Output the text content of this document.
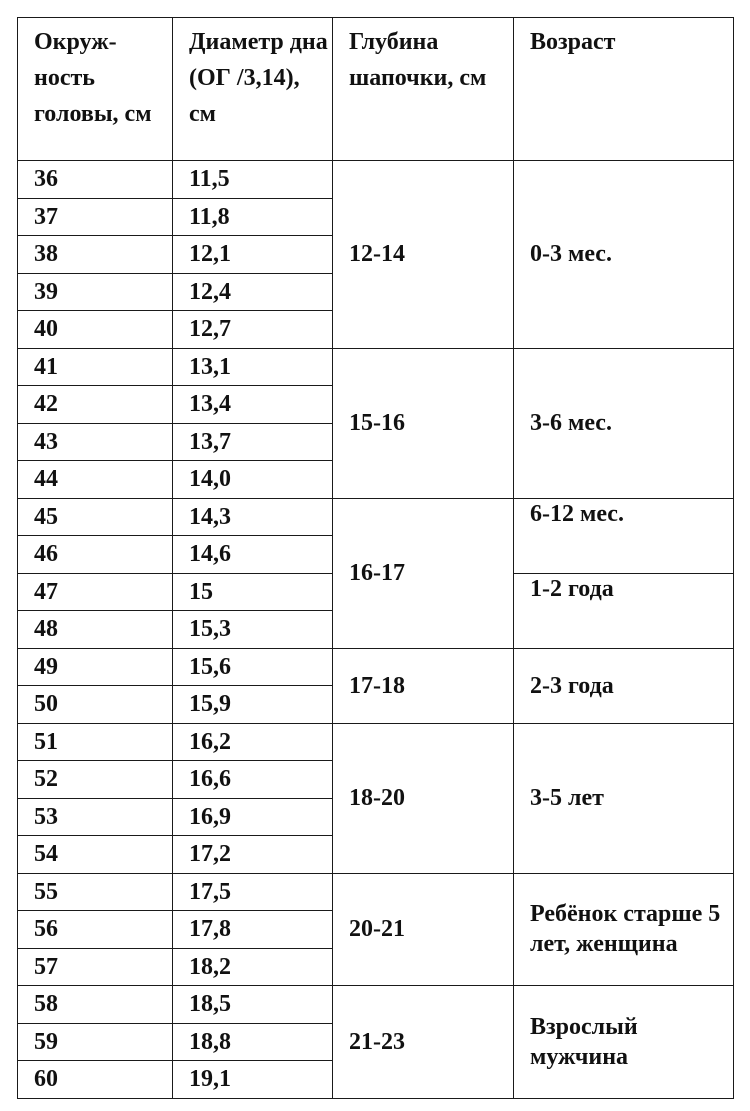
Окруж-ность головы, см	Диаметр дна (ОГ /3,14), см	Глубина шапочки, см	Возраст
36	11,5	12-14	0-3 мес.
37	11,8		
38	12,1		
39	12,4		
40	12,7		
41	13,1	15-16	3-6 мес.
42	13,4		
43	13,7		
44	14,0		
45	14,3	16-17	6-12 мес.
46	14,6		
47	15		1-2 года
48	15,3		
49	15,6	17-18	2-3 года
50	15,9		
51	16,2	18-20	3-5 лет
52	16,6		
53	16,9		
54	17,2		
55	17,5	20-21	Ребёнок старше 5 лет, женщина
56	17,8		
57	18,2		
58	18,5	21-23	Взрослый мужчина
59	18,8		
60	19,1		
